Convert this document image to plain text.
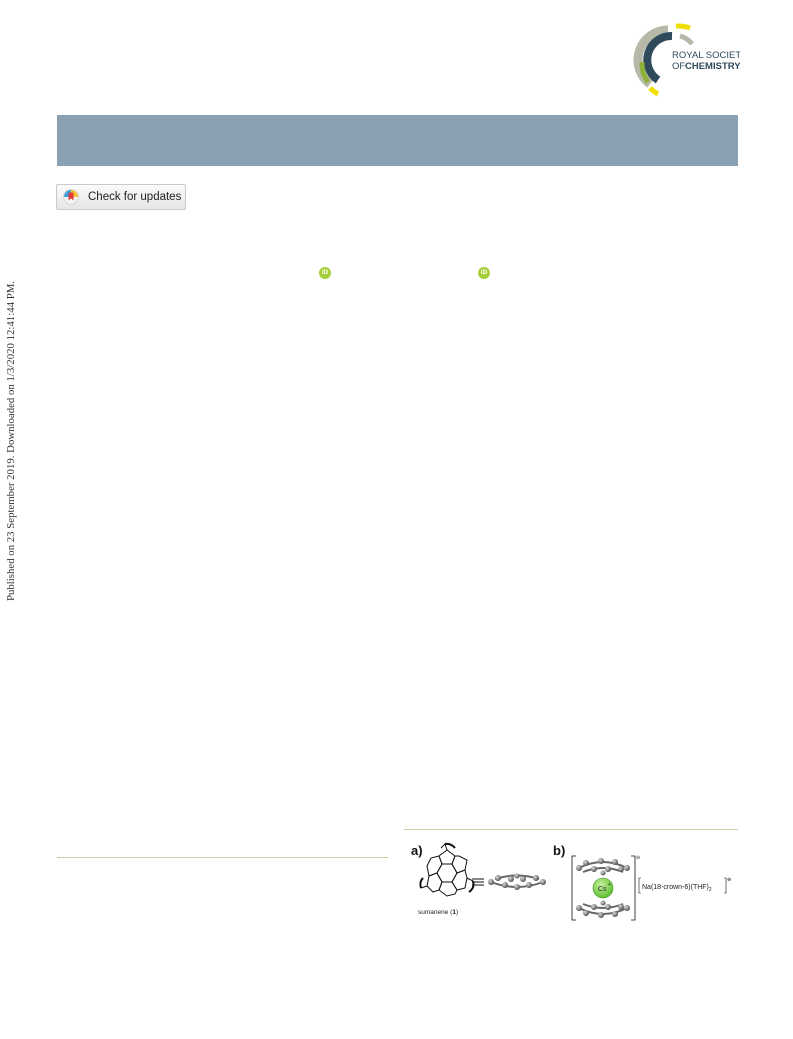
ROYAL SOCIETY
OF CHEMISTRY
Check for updates
iD	iD
Published on 23 September 2019. Downloaded on 1/3/2020 12:41:44 PM.
a)
sumanene (1)
b)	⊖
Cs
+	$Na(18-crown-6)(THF)_2$
⊕
